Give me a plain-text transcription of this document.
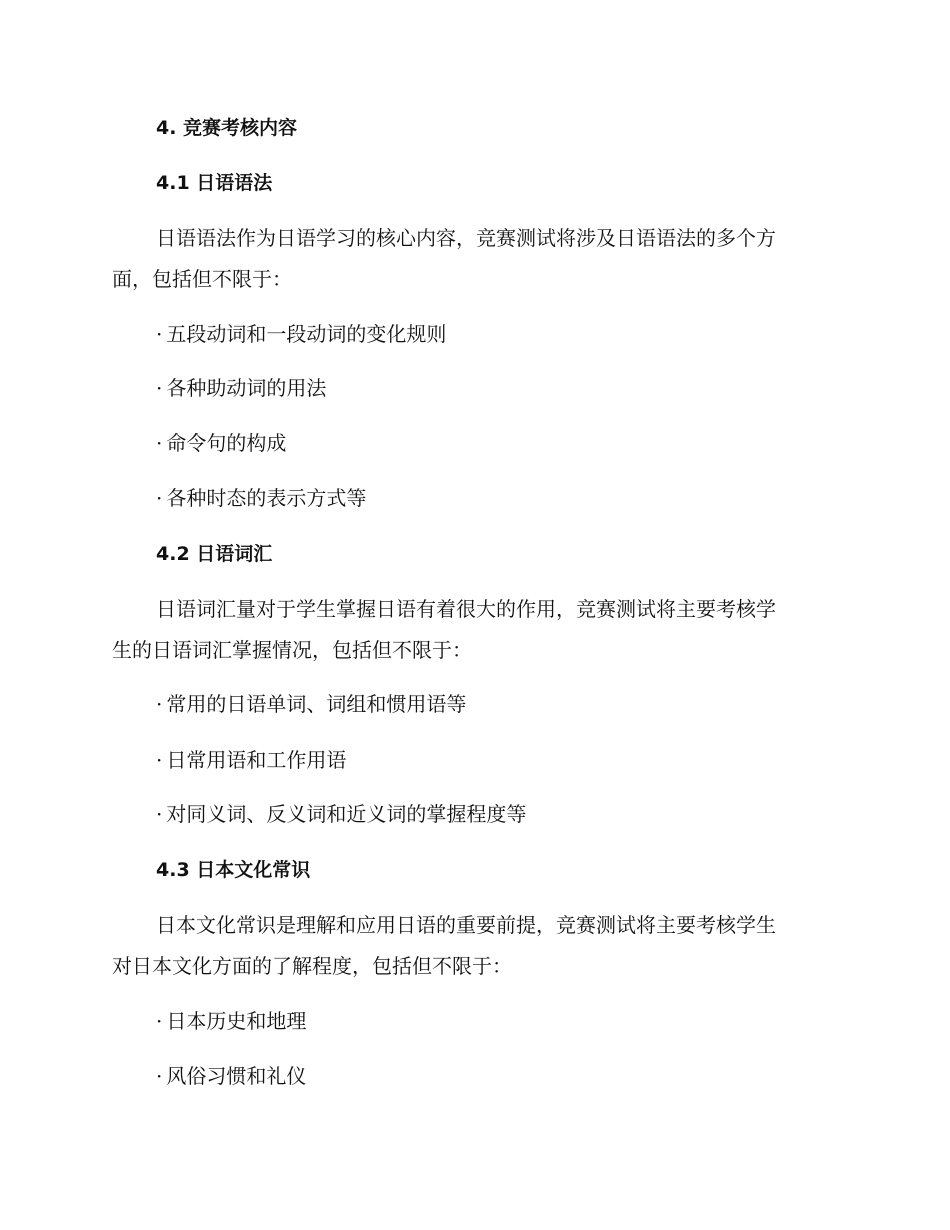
4. 竞赛考核内容
4.1 日语语法
日语语法作为日语学习的核心内容，竞赛测试将涉及日语语法的多个方
面，包括但不限于：
· 五段动词和一段动词的变化规则
· 各种助动词的用法
· 命令句的构成
· 各种时态的表示方式等
4.2 日语词汇
日语词汇量对于学生掌握日语有着很大的作用，竞赛测试将主要考核学
生的日语词汇掌握情况，包括但不限于：
· 常用的日语单词、词组和惯用语等
· 日常用语和工作用语
· 对同义词、反义词和近义词的掌握程度等
4.3 日本文化常识
日本文化常识是理解和应用日语的重要前提，竞赛测试将主要考核学生
对日本文化方面的了解程度，包括但不限于：
· 日本历史和地理
· 风俗习惯和礼仪
